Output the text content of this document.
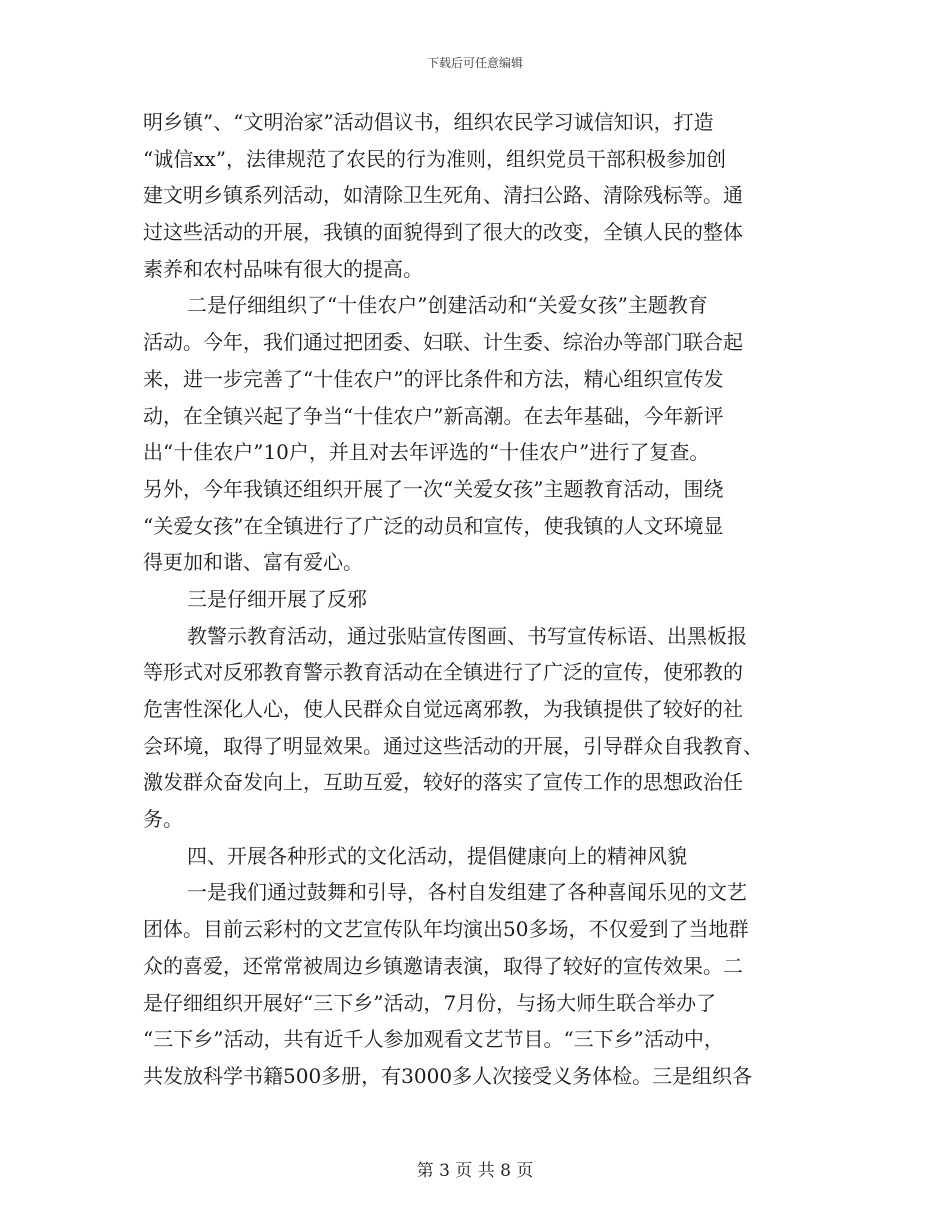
下载后可任意编辑
明乡镇”、“文明治家”活动倡议书，组织农民学习诚信知识，打造
“诚信xx”，法律规范了农民的行为准则，组织党员干部积极参加创
建文明乡镇系列活动，如清除卫生死角、清扫公路、清除残标等。通
过这些活动的开展，我镇的面貌得到了很大的改变，全镇人民的整体
素养和农村品味有很大的提高。
二是仔细组织了“十佳农户”创建活动和“关爱女孩”主题教育
活动。今年，我们通过把团委、妇联、计生委、综治办等部门联合起
来，进一步完善了“十佳农户”的评比条件和方法，精心组织宣传发
动，在全镇兴起了争当“十佳农户”新高潮。在去年基础，今年新评
出“十佳农户”10户，并且对去年评选的“十佳农户”进行了复查。
另外，今年我镇还组织开展了一次“关爱女孩”主题教育活动，围绕
“关爱女孩”在全镇进行了广泛的动员和宣传，使我镇的人文环境显
得更加和谐、富有爱心。
三是仔细开展了反邪
教警示教育活动，通过张贴宣传图画、书写宣传标语、出黑板报
等形式对反邪教育警示教育活动在全镇进行了广泛的宣传，使邪教的
危害性深化人心，使人民群众自觉远离邪教，为我镇提供了较好的社
会环境，取得了明显效果。通过这些活动的开展，引导群众自我教育、
激发群众奋发向上，互助互爱，较好的落实了宣传工作的思想政治任
务。
四、开展各种形式的文化活动，提倡健康向上的精神风貌
一是我们通过鼓舞和引导，各村自发组建了各种喜闻乐见的文艺
团体。目前云彩村的文艺宣传队年均演出50多场，不仅爱到了当地群
众的喜爱，还常常被周边乡镇邀请表演，取得了较好的宣传效果。二
是仔细组织开展好“三下乡”活动，7月份，与扬大师生联合举办了
“三下乡”活动，共有近千人参加观看文艺节目。“三下乡”活动中，
共发放科学书籍500多册，有3000多人次接受义务体检。三是组织各
第 3 页 共 8 页
